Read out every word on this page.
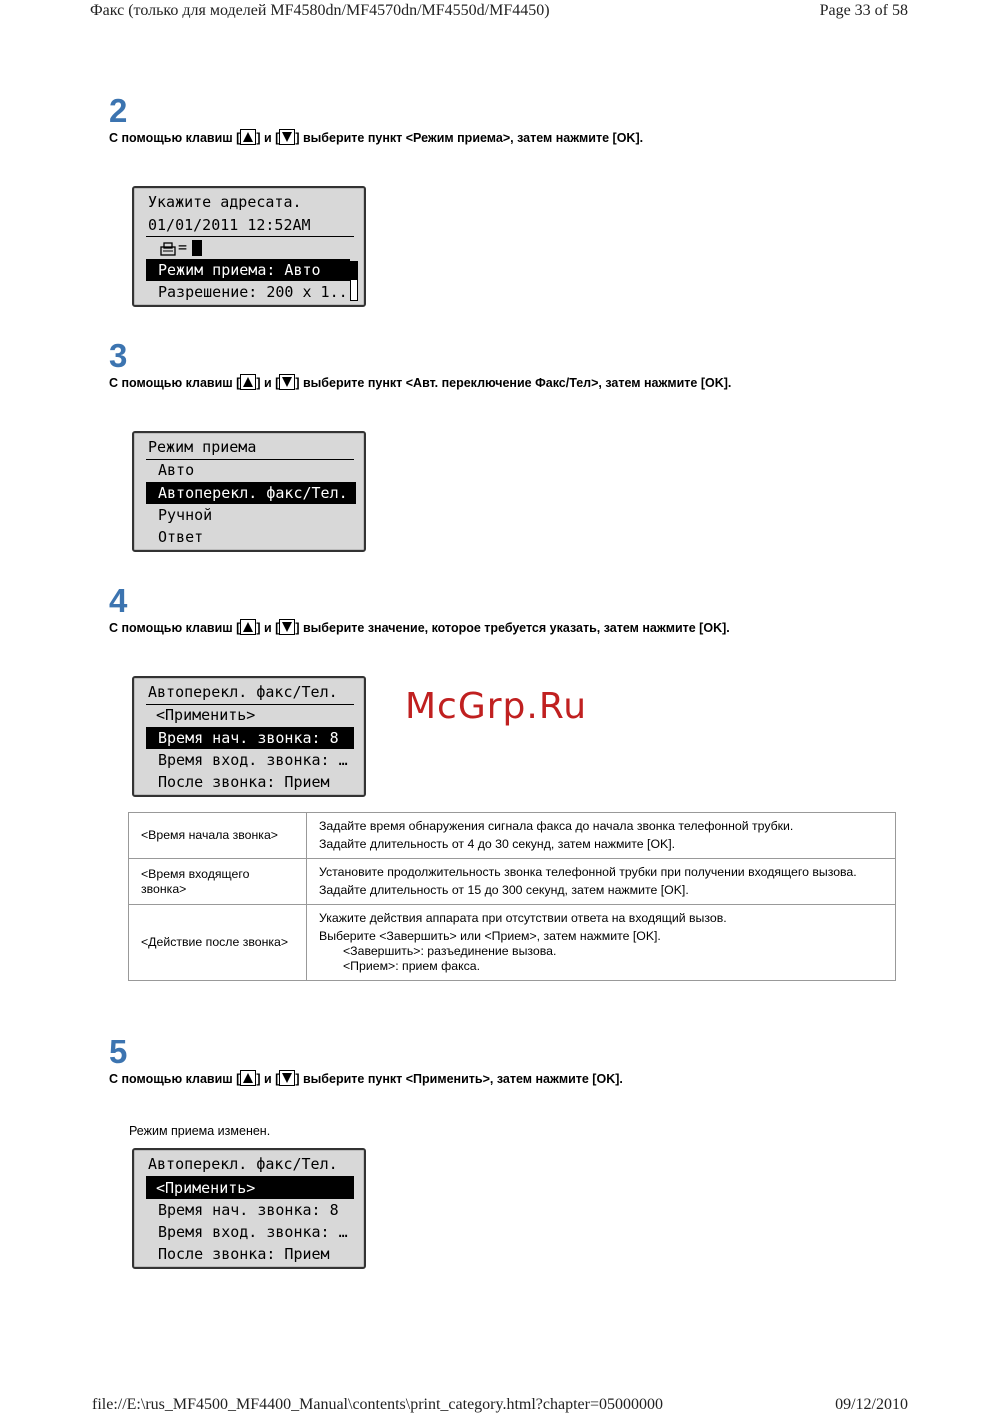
Факс (только для моделей MF4580dn/MF4570dn/MF4550d/MF4450)	Page 33 of 58
2
С помощью клавиш [ ] и [ ] выберите пункт <Режим приема>, затем нажмите [OK].
Укажите адресата.
01/01/2011 12:52AM
=
Режим приема: Авто
Разрешение: 200 x 1..
3
С помощью клавиш [ ] и [ ] выберите пункт <Авт. переключение Факс/Тел>, затем нажмите [OK].
Режим приема
Авто
Автоперекл. факс/Тел.
Ручной
Ответ
4
С помощью клавиш [ ] и [ ] выберите значение, которое требуется указать, затем нажмите [OK].
Автоперекл. факс/Тел.
<Применить>
Время нач. звонка: 8
Время вход. звонка: …
После звонка: Прием
McGrp.Ru
<Время начала звонка>	Задайте время обнаружения сигнала факса до начала звонка телефонной трубки.
Задайте длительность от 4 до 30 секунд, затем нажмите [OK].

<Время входящего звонка>	Установите продолжительность звонка телефонной трубки при получении входящего вызова.
Задайте длительность от 15 до 300 секунд, затем нажмите [OK].

<Действие после звонка>	Укажите действия аппарата при отсутствии ответа на входящий вызов.
Выберите <Завершить> или <Прием>, затем нажмите [OK].
<Завершить>: разъединение вызова.
<Прием>: прием факса.
5
С помощью клавиш [ ] и [ ] выберите пункт <Применить>, затем нажмите [OK].
Режим приема изменен.
Автоперекл. факс/Тел.
<Применить>
Время нач. звонка: 8
Время вход. звонка: …
После звонка: Прием
file://E:\rus_MF4500_MF4400_Manual\contents\print_category.html?chapter=05000000	09/12/2010
